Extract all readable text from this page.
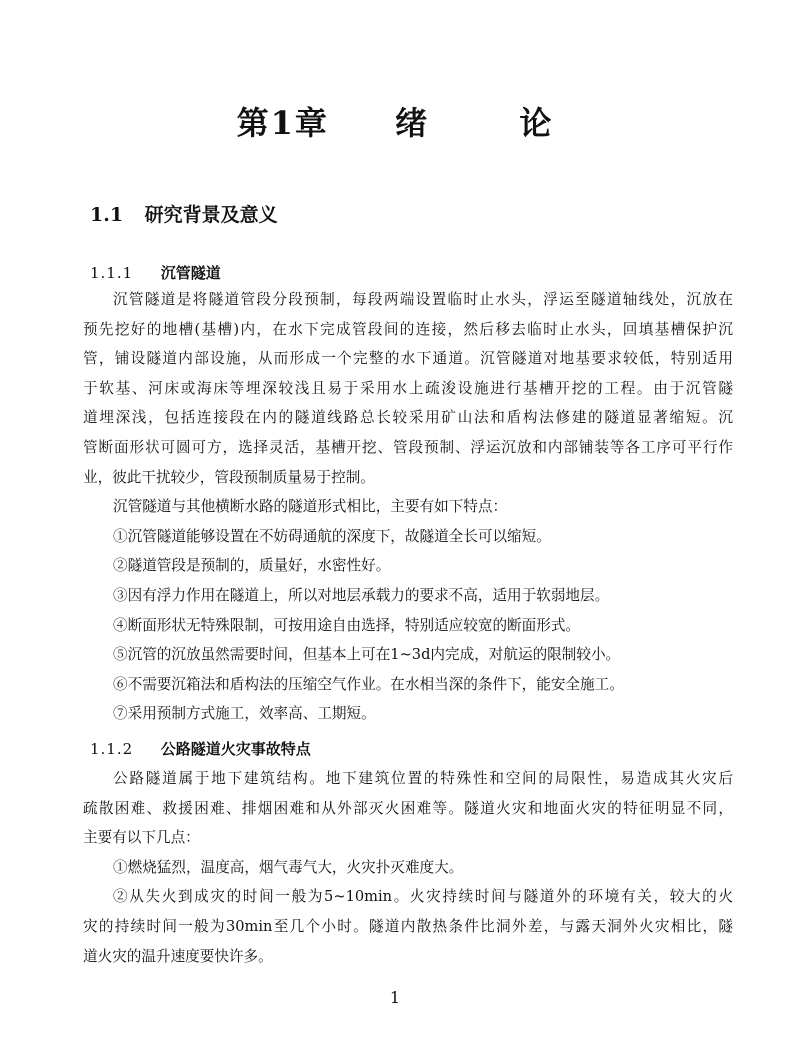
第1章 绪	论
1.1 研究背景及意义
1.1.1 沉管隧道
沉管隧道是将隧道管段分段预制，每段两端设置临时止水头，浮运至隧道轴线处，沉放在
预先挖好的地槽(基槽)内，在水下完成管段间的连接，然后移去临时止水头，回填基槽保护沉
管，铺设隧道内部设施，从而形成一个完整的水下通道。沉管隧道对地基要求较低，特别适用
于软基、河床或海床等埋深较浅且易于采用水上疏浚设施进行基槽开挖的工程。由于沉管隧
道埋深浅，包括连接段在内的隧道线路总长较采用矿山法和盾构法修建的隧道显著缩短。沉
管断面形状可圆可方，选择灵活，基槽开挖、管段预制、浮运沉放和内部铺装等各工序可平行作
业，彼此干扰较少，管段预制质量易于控制。
沉管隧道与其他横断水路的隧道形式相比，主要有如下特点：
①沉管隧道能够设置在不妨碍通航的深度下，故隧道全长可以缩短。
②隧道管段是预制的，质量好，水密性好。
③因有浮力作用在隧道上，所以对地层承载力的要求不高，适用于软弱地层。
④断面形状无特殊限制，可按用途自由选择，特别适应较宽的断面形式。
⑤沉管的沉放虽然需要时间，但基本上可在1~3d内完成，对航运的限制较小。
⑥不需要沉箱法和盾构法的压缩空气作业。在水相当深的条件下，能安全施工。
⑦采用预制方式施工，效率高、工期短。
1.1.2 公路隧道火灾事故特点
公路隧道属于地下建筑结构。地下建筑位置的特殊性和空间的局限性，易造成其火灾后
疏散困难、救援困难、排烟困难和从外部灭火困难等。隧道火灾和地面火灾的特征明显不同，
主要有以下几点：
①燃烧猛烈，温度高，烟气毒气大，火灾扑灭难度大。
②从失火到成灾的时间一般为5~10min。火灾持续时间与隧道外的环境有关，较大的火
灾的持续时间一般为30min至几个小时。隧道内散热条件比洞外差，与露天洞外火灾相比，隧
道火灾的温升速度要快许多。
1
